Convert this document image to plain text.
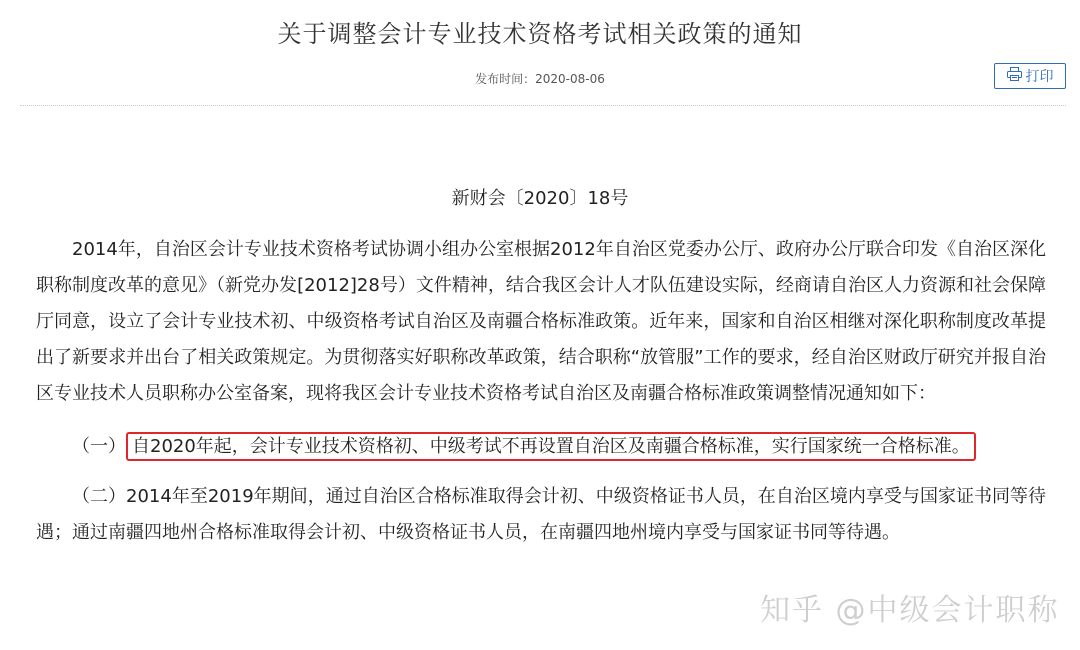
关于调整会计专业技术资格考试相关政策的通知
发布时间：2020-08-06	打印
新财会〔2020〕18号

2014年，自治区会计专业技术资格考试协调小组办公室根据2012年自治区党委办公厅、政府办公厅联合印发《自治区深化职称制度改革的意见》（新党办发[2012]28号）文件精神，结合我区会计人才队伍建设实际，经商请自治区人力资源和社会保障厅同意，设立了会计专业技术初、中级资格考试自治区及南疆合格标准政策。近年来，国家和自治区相继对深化职称制度改革提出了新要求并出台了相关政策规定。为贯彻落实好职称改革政策，结合职称“放管服”工作的要求，经自治区财政厅研究并报自治区专业技术人员职称办公室备案，现将我区会计专业技术资格考试自治区及南疆合格标准政策调整情况通知如下：

（一） 自2020年起，会计专业技术资格初、中级考试不再设置自治区及南疆合格标准，实行国家统一合格标准。

（二）2014年至2019年期间，通过自治区合格标准取得会计初、中级资格证书人员，在自治区境内享受与国家证书同等待遇；通过南疆四地州合格标准取得会计初、中级资格证书人员，在南疆四地州境内享受与国家证书同等待遇。

知乎 @中级会计职称
